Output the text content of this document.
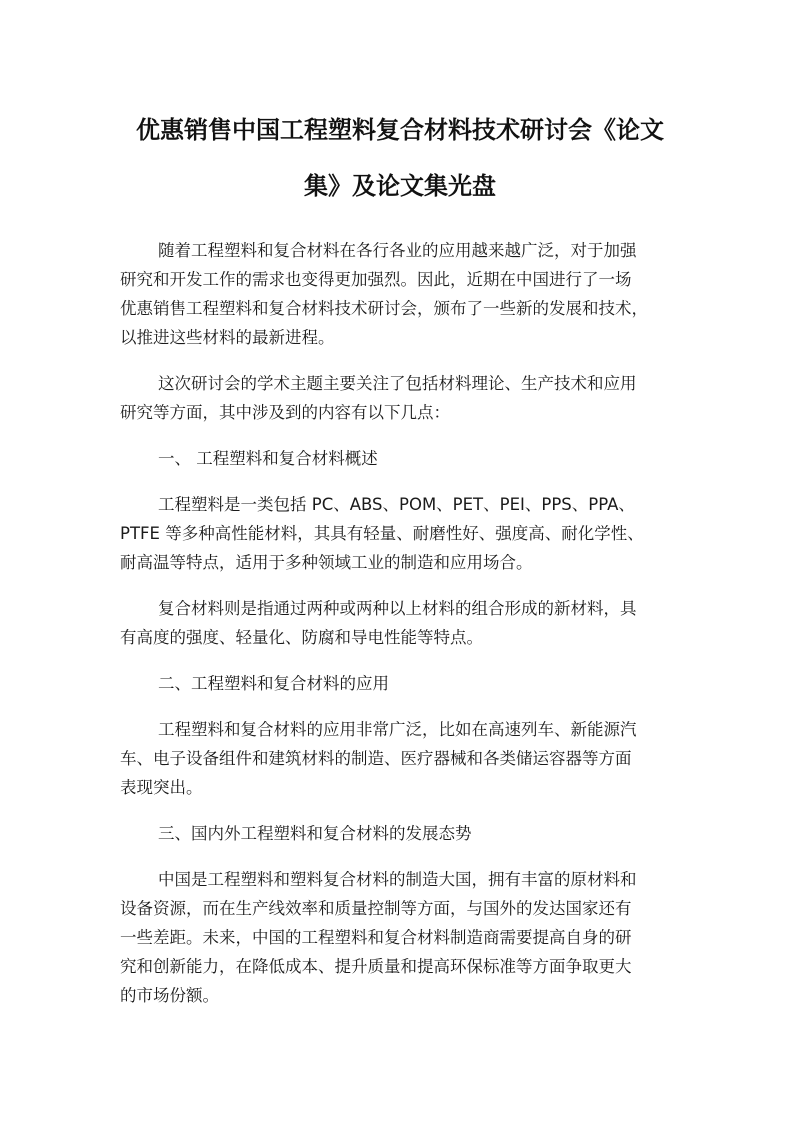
优惠销售中国工程塑料复合材料技术研讨会《论文
集》及论文集光盘

随着工程塑料和复合材料在各行各业的应用越来越广泛，对于加强
研究和开发工作的需求也变得更加强烈。因此，近期在中国进行了一场
优惠销售工程塑料和复合材料技术研讨会，颁布了一些新的发展和技术，
以推进这些材料的最新进程。

这次研讨会的学术主题主要关注了包括材料理论、生产技术和应用
研究等方面，其中涉及到的内容有以下几点：

一、 工程塑料和复合材料概述

工程塑料是一类包括 PC、ABS、POM、PET、PEI、PPS、PPA、
PTFE 等多种高性能材料，其具有轻量、耐磨性好、强度高、耐化学性、
耐高温等特点，适用于多种领域工业的制造和应用场合。

复合材料则是指通过两种或两种以上材料的组合形成的新材料，具
有高度的强度、轻量化、防腐和导电性能等特点。

二、工程塑料和复合材料的应用

工程塑料和复合材料的应用非常广泛，比如在高速列车、新能源汽
车、电子设备组件和建筑材料的制造、医疗器械和各类储运容器等方面
表现突出。

三、国内外工程塑料和复合材料的发展态势

中国是工程塑料和塑料复合材料的制造大国，拥有丰富的原材料和
设备资源，而在生产线效率和质量控制等方面，与国外的发达国家还有
一些差距。未来，中国的工程塑料和复合材料制造商需要提高自身的研
究和创新能力，在降低成本、提升质量和提高环保标准等方面争取更大
的市场份额。
